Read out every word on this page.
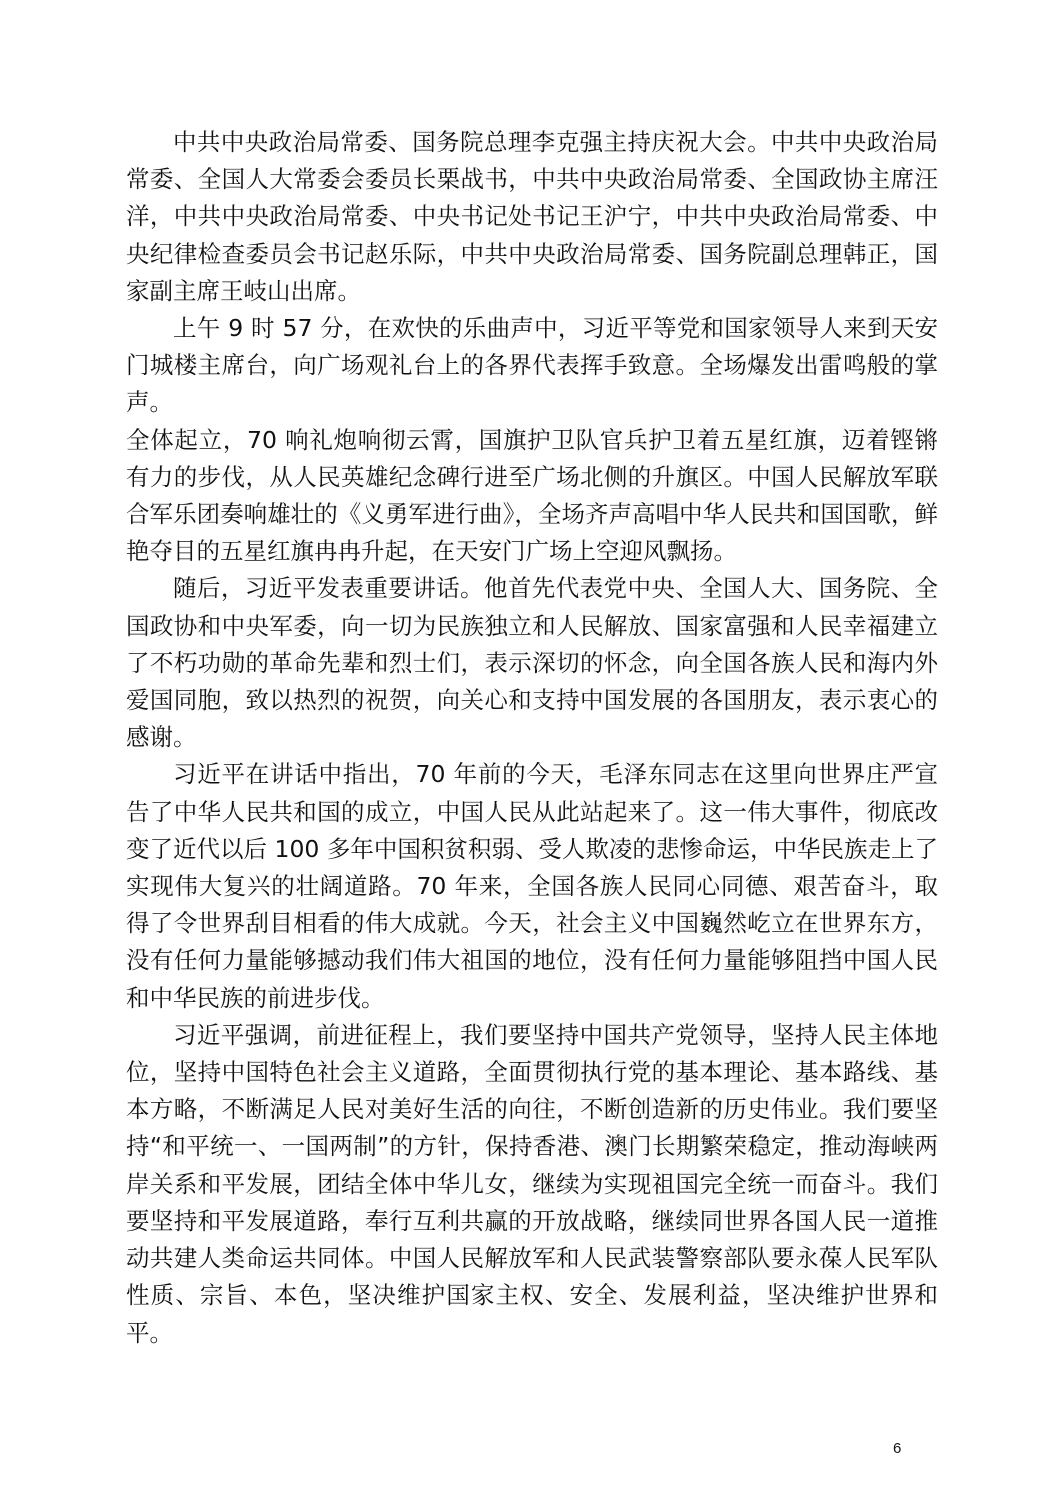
中共中央政治局常委、国务院总理李克强主持庆祝大会。中共中央政治局常委、全国人大常委会委员长栗战书，中共中央政治局常委、全国政协主席汪洋，中共中央政治局常委、中央书记处书记王沪宁，中共中央政治局常委、中央纪律检查委员会书记赵乐际，中共中央政治局常委、国务院副总理韩正，国家副主席王岐山出席。

上午 9 时 57 分，在欢快的乐曲声中，习近平等党和国家领导人来到天安门城楼主席台，向广场观礼台上的各界代表挥手致意。全场爆发出雷鸣般的掌声。

全体起立，70 响礼炮响彻云霄，国旗护卫队官兵护卫着五星红旗，迈着铿锵有力的步伐，从人民英雄纪念碑行进至广场北侧的升旗区。中国人民解放军联合军乐团奏响雄壮的《义勇军进行曲》，全场齐声高唱中华人民共和国国歌，鲜艳夺目的五星红旗冉冉升起，在天安门广场上空迎风飘扬。

随后，习近平发表重要讲话。他首先代表党中央、全国人大、国务院、全国政协和中央军委，向一切为民族独立和人民解放、国家富强和人民幸福建立了不朽功勋的革命先辈和烈士们，表示深切的怀念，向全国各族人民和海内外爱国同胞，致以热烈的祝贺，向关心和支持中国发展的各国朋友，表示衷心的感谢。

习近平在讲话中指出，70 年前的今天，毛泽东同志在这里向世界庄严宣告了中华人民共和国的成立，中国人民从此站起来了。这一伟大事件，彻底改变了近代以后 100 多年中国积贫积弱、受人欺凌的悲惨命运，中华民族走上了实现伟大复兴的壮阔道路。70 年来，全国各族人民同心同德、艰苦奋斗，取得了令世界刮目相看的伟大成就。今天，社会主义中国巍然屹立在世界东方，没有任何力量能够撼动我们伟大祖国的地位，没有任何力量能够阻挡中国人民和中华民族的前进步伐。

习近平强调，前进征程上，我们要坚持中国共产党领导，坚持人民主体地位，坚持中国特色社会主义道路，全面贯彻执行党的基本理论、基本路线、基本方略，不断满足人民对美好生活的向往，不断创造新的历史伟业。我们要坚持“和平统一、一国两制”的方针，保持香港、澳门长期繁荣稳定，推动海峡两岸关系和平发展，团结全体中华儿女，继续为实现祖国完全统一而奋斗。我们要坚持和平发展道路，奉行互利共赢的开放战略，继续同世界各国人民一道推动共建人类命运共同体。中国人民解放军和人民武装警察部队要永葆人民军队性质、宗旨、本色，坚决维护国家主权、安全、发展利益，坚决维护世界和平。

6
